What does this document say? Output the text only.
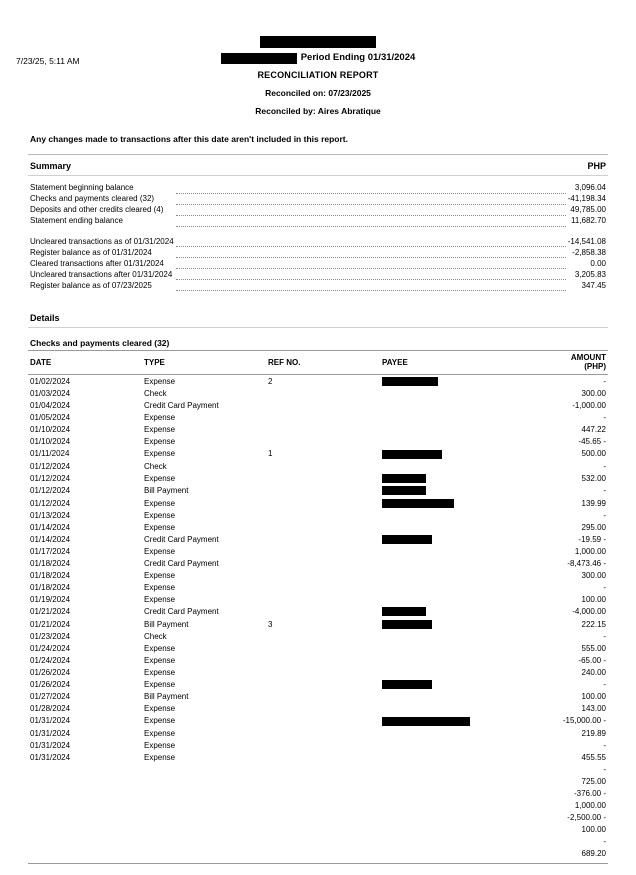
7/23/25, 5:11 AM	Period Ending 01/31/2024
RECONCILIATION REPORT
Reconciled on: 07/23/2025
Reconciled by: Aires Abratique
Any changes made to transactions after this date aren't included in this report.
Summary	PHP
Statement beginning balance		3,096.04
Checks and payments cleared (32)		-41,198.34
Deposits and other credits cleared (4)		49,785.00
Statement ending balance		11,682.70

Uncleared transactions as of 01/31/2024		-14,541.08
Register balance as of 01/31/2024		-2,858.38
Cleared transactions after 01/31/2024		0.00
Uncleared transactions after 01/31/2024		3,205.83
Register balance as of 07/23/2025		347.45
Details
Checks and payments cleared (32)
DATE	TYPE	REF NO.	PAYEE	AMOUNT (PHP)
01/02/2024	Expense	2		-
01/03/2024	Check			300.00
01/04/2024	Credit Card Payment			-1,000.00
01/05/2024	Expense			-
01/10/2024	Expense			447.22
01/10/2024	Expense			-45.65 -
01/11/2024	Expense	1		500.00
01/12/2024	Check			-
01/12/2024	Expense			532.00
01/12/2024	Bill Payment			-
01/12/2024	Expense			139.99
01/13/2024	Expense			-
01/14/2024	Expense			295.00
01/14/2024	Credit Card Payment			-19.59 -
01/17/2024	Expense			1,000.00
01/18/2024	Credit Card Payment			-8,473.46 -
01/18/2024	Expense			300.00
01/18/2024	Expense			-
01/19/2024	Expense			100.00
01/21/2024	Credit Card Payment			-4,000.00
01/21/2024	Bill Payment	3		222.15
01/23/2024	Check			-
01/24/2024	Expense			555.00
01/24/2024	Expense			-65.00 -
01/26/2024	Expense			240.00
01/26/2024	Expense			-
01/27/2024	Bill Payment			100.00
01/28/2024	Expense			143.00
01/31/2024	Expense			-15,000.00 -
01/31/2024	Expense			219.89
01/31/2024	Expense			-
01/31/2024	Expense			455.55
				-
				725.00
				-376.00 -
				1,000.00
				-2,500.00 -
				100.00
				-
				689.20
